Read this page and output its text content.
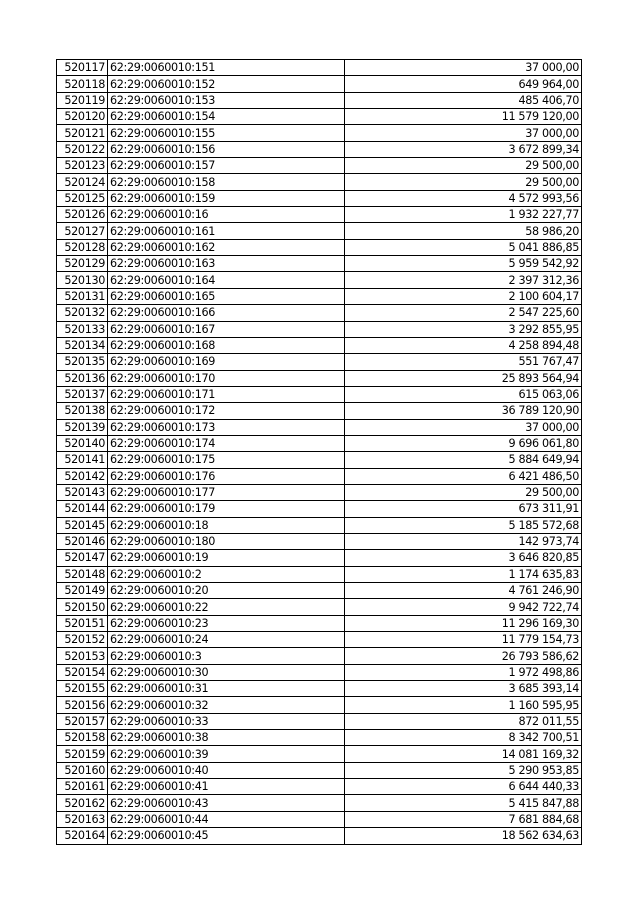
520117	62:29:0060010:151	37 000,00
520118	62:29:0060010:152	649 964,00
520119	62:29:0060010:153	485 406,70
520120	62:29:0060010:154	11 579 120,00
520121	62:29:0060010:155	37 000,00
520122	62:29:0060010:156	3 672 899,34
520123	62:29:0060010:157	29 500,00
520124	62:29:0060010:158	29 500,00
520125	62:29:0060010:159	4 572 993,56
520126	62:29:0060010:16	1 932 227,77
520127	62:29:0060010:161	58 986,20
520128	62:29:0060010:162	5 041 886,85
520129	62:29:0060010:163	5 959 542,92
520130	62:29:0060010:164	2 397 312,36
520131	62:29:0060010:165	2 100 604,17
520132	62:29:0060010:166	2 547 225,60
520133	62:29:0060010:167	3 292 855,95
520134	62:29:0060010:168	4 258 894,48
520135	62:29:0060010:169	551 767,47
520136	62:29:0060010:170	25 893 564,94
520137	62:29:0060010:171	615 063,06
520138	62:29:0060010:172	36 789 120,90
520139	62:29:0060010:173	37 000,00
520140	62:29:0060010:174	9 696 061,80
520141	62:29:0060010:175	5 884 649,94
520142	62:29:0060010:176	6 421 486,50
520143	62:29:0060010:177	29 500,00
520144	62:29:0060010:179	673 311,91
520145	62:29:0060010:18	5 185 572,68
520146	62:29:0060010:180	142 973,74
520147	62:29:0060010:19	3 646 820,85
520148	62:29:0060010:2	1 174 635,83
520149	62:29:0060010:20	4 761 246,90
520150	62:29:0060010:22	9 942 722,74
520151	62:29:0060010:23	11 296 169,30
520152	62:29:0060010:24	11 779 154,73
520153	62:29:0060010:3	26 793 586,62
520154	62:29:0060010:30	1 972 498,86
520155	62:29:0060010:31	3 685 393,14
520156	62:29:0060010:32	1 160 595,95
520157	62:29:0060010:33	872 011,55
520158	62:29:0060010:38	8 342 700,51
520159	62:29:0060010:39	14 081 169,32
520160	62:29:0060010:40	5 290 953,85
520161	62:29:0060010:41	6 644 440,33
520162	62:29:0060010:43	5 415 847,88
520163	62:29:0060010:44	7 681 884,68
520164	62:29:0060010:45	18 562 634,63
